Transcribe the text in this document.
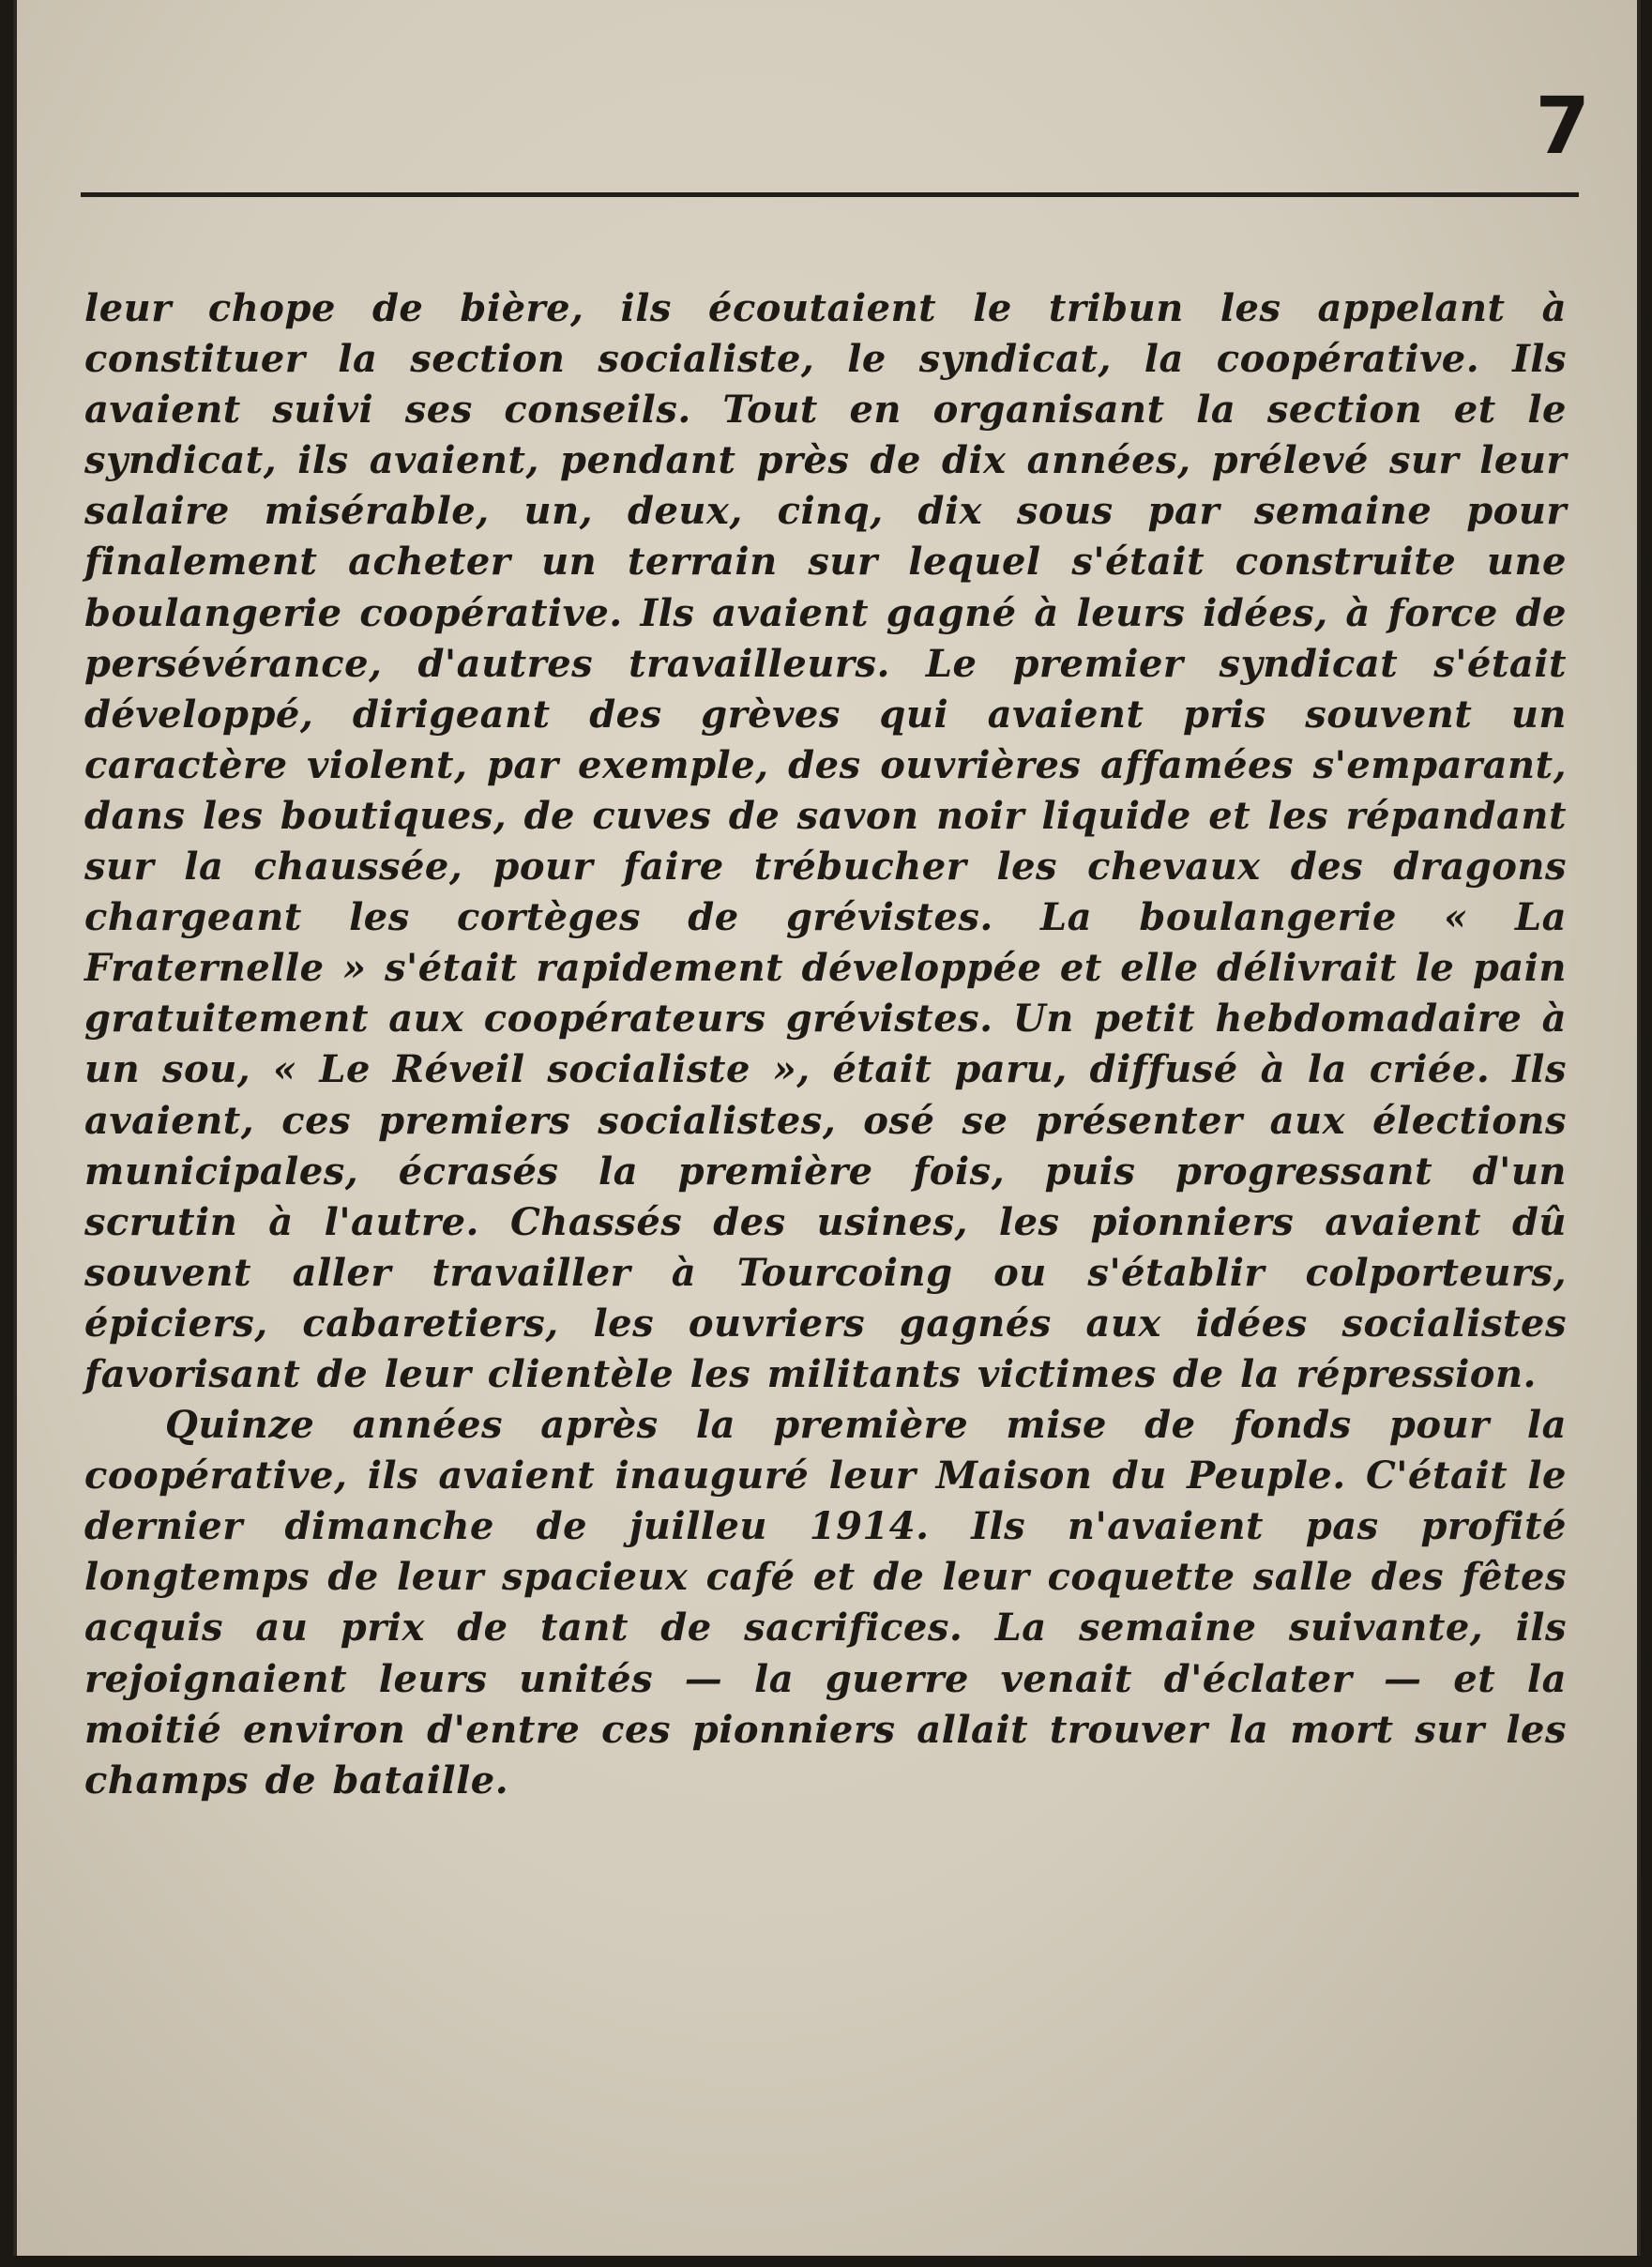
7

leur chope de bière, ils écoutaient le tribun les appelant à constituer la section socialiste, le syndicat, la coopérative. Ils avaient suivi ses conseils. Tout en organisant la section et le syndicat, ils avaient, pendant près de dix années, prélevé sur leur salaire misérable, un, deux, cinq, dix sous par semaine pour finalement acheter un terrain sur lequel s'était construite une boulangerie coopérative. Ils avaient gagné à leurs idées, à force de persévérance, d'autres travailleurs. Le premier syndicat s'était développé, dirigeant des grèves qui avaient pris souvent un caractère violent, par exemple, des ouvrières affamées s'emparant, dans les boutiques, de cuves de savon noir liquide et les répandant sur la chaussée, pour faire trébucher les chevaux des dragons chargeant les cortèges de grévistes. La boulangerie « La Fraternelle » s'était rapidement développée et elle délivrait le pain gratuitement aux coopérateurs grévistes. Un petit hebdomadaire à un sou, « Le Réveil socialiste », était paru, diffusé à la criée. Ils avaient, ces premiers socialistes, osé se présenter aux élections municipales, écrasés la première fois, puis progressant d'un scrutin à l'autre. Chassés des usines, les pionniers avaient dû souvent aller travailler à Tourcoing ou s'établir colporteurs, épiciers, cabaretiers, les ouvriers gagnés aux idées socialistes favorisant de leur clientèle les militants victimes de la répression.

Quinze années après la première mise de fonds pour la coopérative, ils avaient inauguré leur Maison du Peuple. C'était le dernier dimanche de juilleu 1914. Ils n'avaient pas profité longtemps de leur spacieux café et de leur coquette salle des fêtes acquis au prix de tant de sacrifices. La semaine suivante, ils rejoignaient leurs unités — la guerre venait d'éclater — et la moitié environ d'entre ces pionniers allait trouver la mort sur les champs de bataille.
